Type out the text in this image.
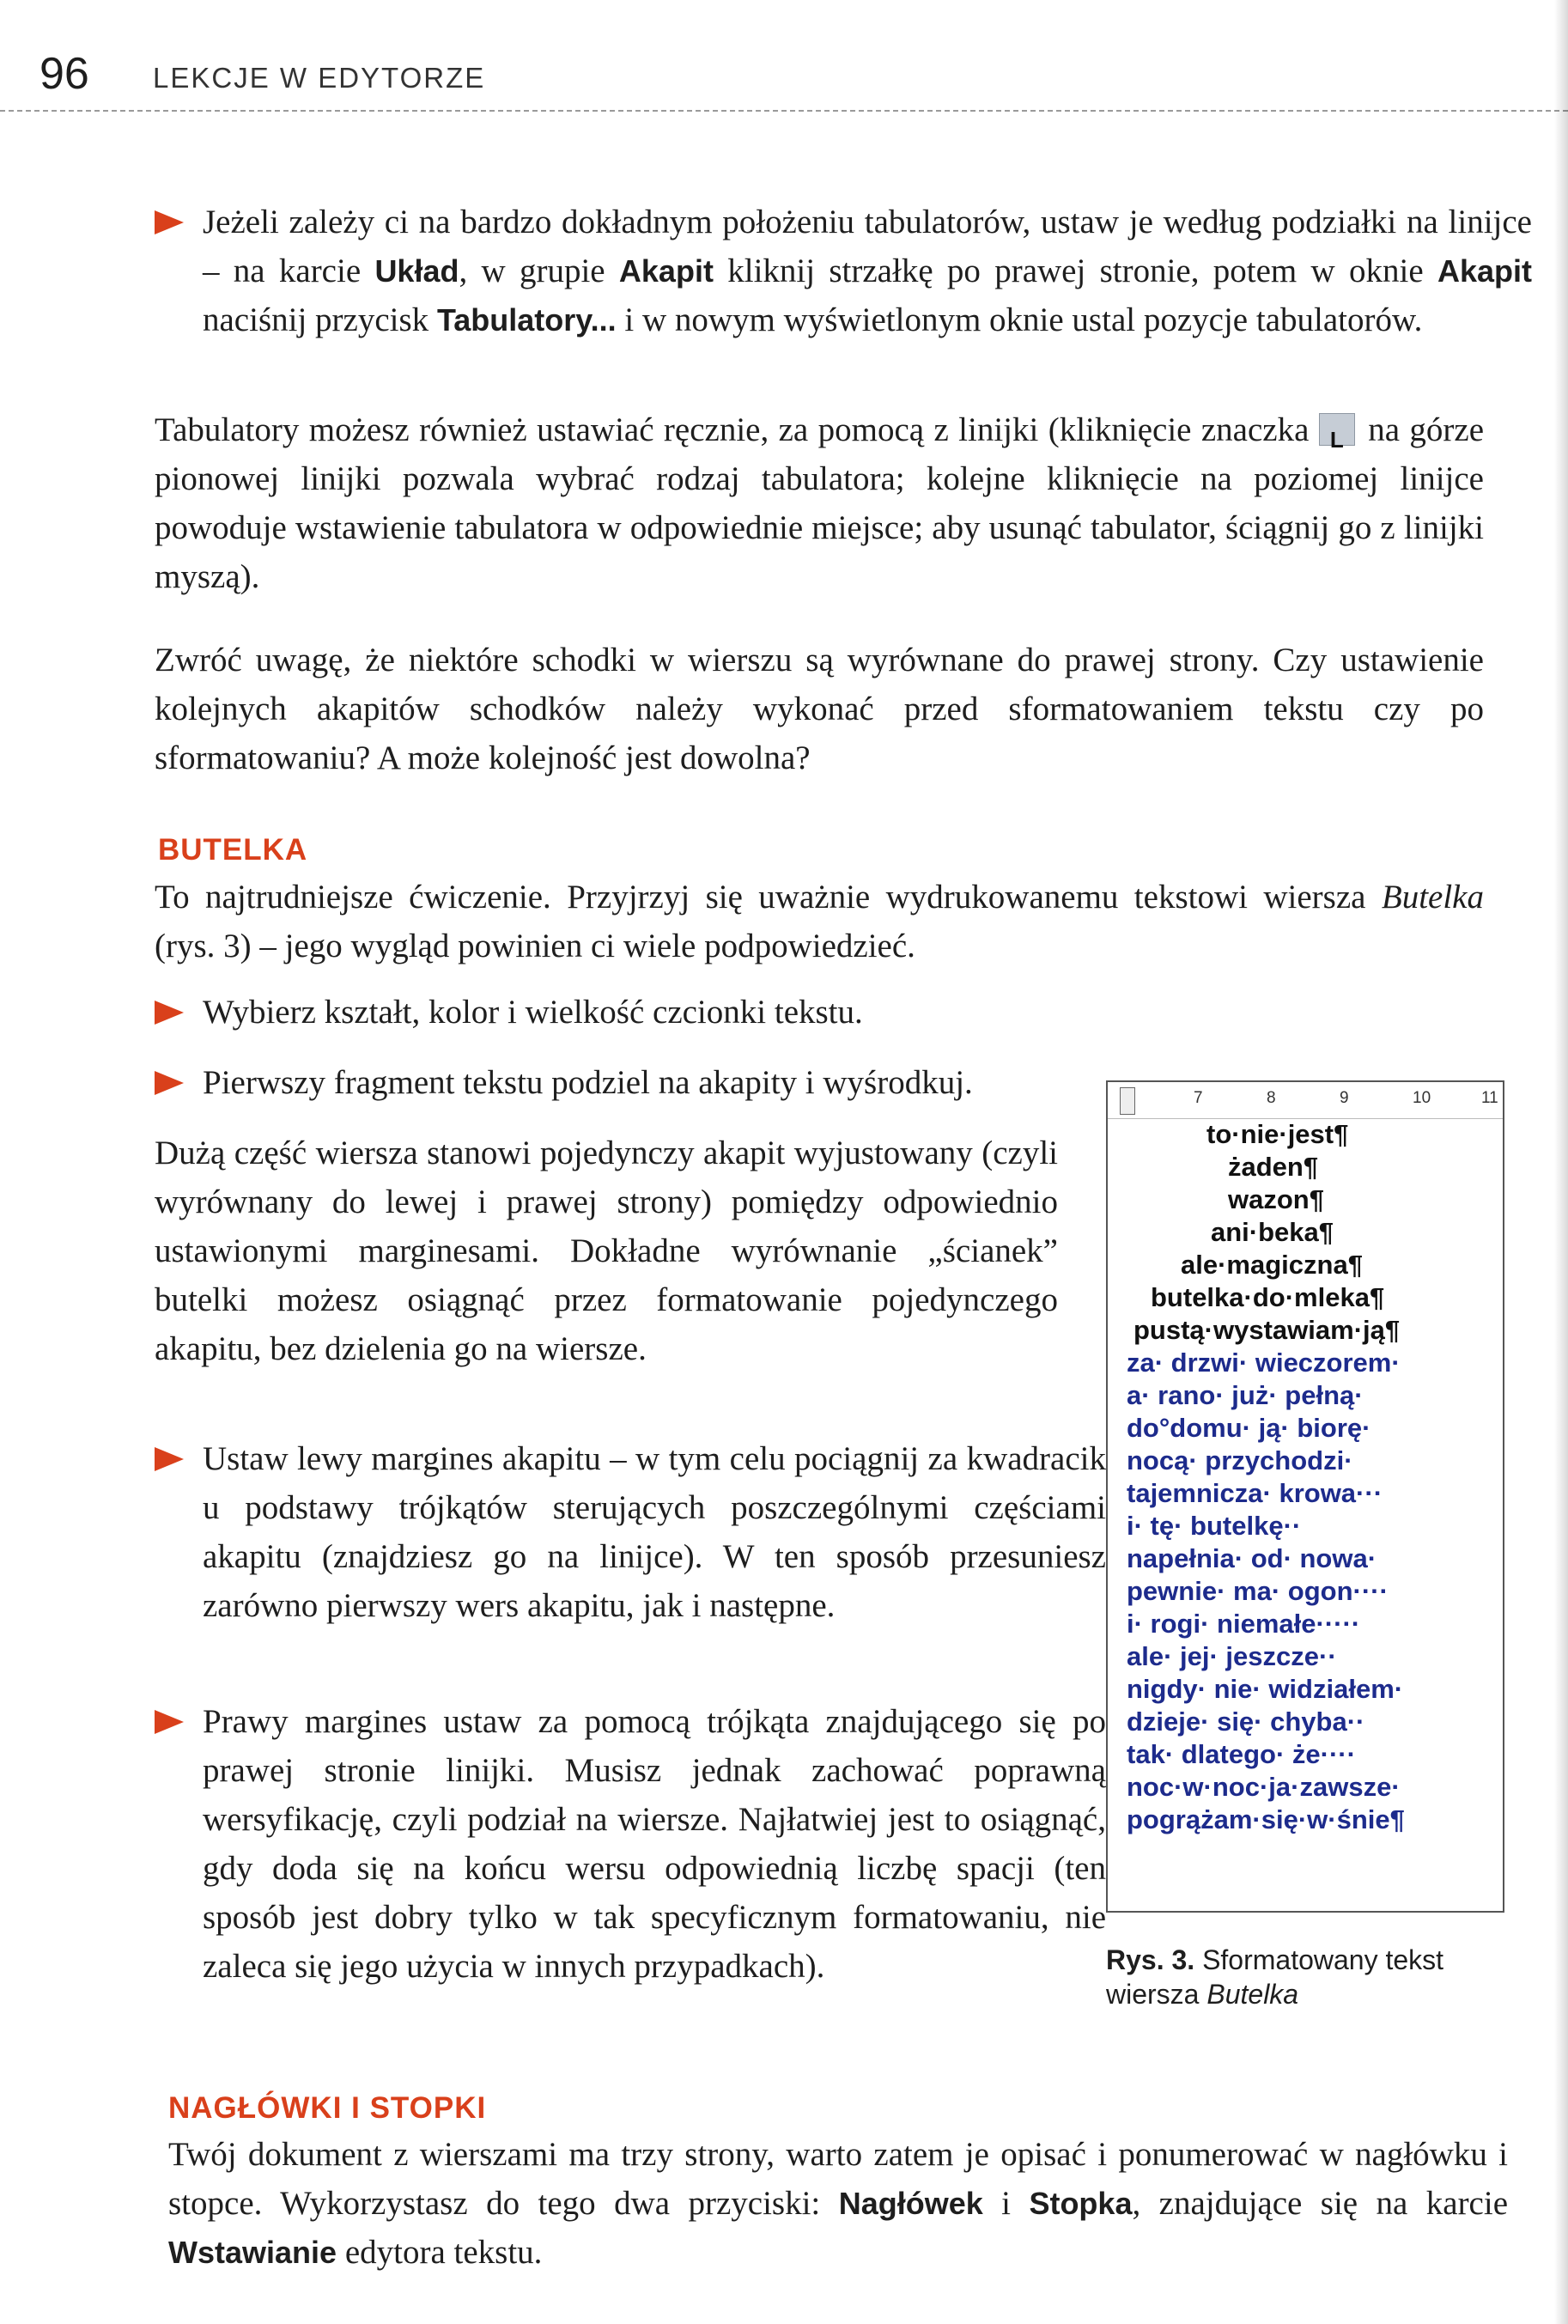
96 LEKCJE W EDYTORZE

Jeżeli zależy ci na bardzo dokładnym położeniu tabulatorów, ustaw je według podziałki na linijce – na karcie Układ, w grupie Akapit kliknij strzałkę po prawej stronie, potem w oknie Akapit naciśnij przycisk Tabulatory... i w nowym wyświetlonym oknie ustal pozycje tabulatorów.

Tabulatory możesz również ustawiać ręcznie, za pomocą z linijki (kliknięcie znaczka L na górze pionowej linijki pozwala wybrać rodzaj tabulatora; kolejne kliknięcie na poziomej linijce powoduje wstawienie tabulatora w odpowiednie miejsce; aby usunąć tabulator, ściągnij go z linijki myszą).

Zwróć uwagę, że niektóre schodki w wierszu są wyrównane do prawej strony. Czy ustawienie kolejnych akapitów schodków należy wykonać przed sformatowaniem tekstu czy po sformatowaniu? A może kolejność jest dowolna?

BUTELKA

To najtrudniejsze ćwiczenie. Przyjrzyj się uważnie wydrukowanemu tekstowi wiersza Butelka (rys. 3) – jego wygląd powinien ci wiele podpowiedzieć.

Wybierz kształt, kolor i wielkość czcionki tekstu.

Pierwszy fragment tekstu podziel na akapity i wyśrodkuj.

Dużą część wiersza stanowi pojedynczy akapit wyjustowany (czyli wyrównany do lewej i prawej strony) pomiędzy odpowiednio ustawionymi marginesami. Dokładne wyrównanie „ścianek” butelki możesz osiągnąć przez formatowanie pojedynczego akapitu, bez dzielenia go na wiersze.

Ustaw lewy margines akapitu – w tym celu pociągnij za kwadracik u podstawy trójkątów sterujących poszczególnymi częściami akapitu (znajdziesz go na linijce). W ten sposób przesuniesz zarówno pierwszy wers akapitu, jak i następne.

Prawy margines ustaw za pomocą trójkąta znajdującego się po prawej stronie linijki. Musisz jednak zachować poprawną wersyfikację, czyli podział na wiersze. Najłatwiej jest to osiągnąć, gdy doda się na końcu wersu odpowiednią liczbę spacji (ten sposób jest dobry tylko w tak specyficznym formatowaniu, nie zaleca się jego użycia w innych przypadkach).

7	8	9	10	11
to·nie·jest¶
żaden¶
wazon¶
ani·beka¶
ale·magiczna¶
butelka·do·mleka¶
pustą·wystawiam·ją¶
za· drzwi· wieczorem·
a· rano· już· pełną·
do°domu· ją· biorę·
nocą· przychodzi·
tajemnicza· krowa···
i· tę· butelkę··
napełnia· od· nowa·
pewnie· ma· ogon····
i· rogi· niemałe·····
ale· jej· jeszcze··
nigdy· nie· widziałem·
dzieje· się· chyba··
tak· dlatego· że····
noc·w·noc·ja·zawsze·
pogrążam·się·w·śnie¶
Rys. 3. Sformatowany tekst wiersza Butelka
NAGŁÓWKI I STOPKI

Twój dokument z wierszami ma trzy strony, warto zatem je opisać i ponumerować w nagłówku i stopce. Wykorzystasz do tego dwa przyciski: Nagłówek i Stopka, znajdujące się na karcie Wstawianie edytora tekstu.
